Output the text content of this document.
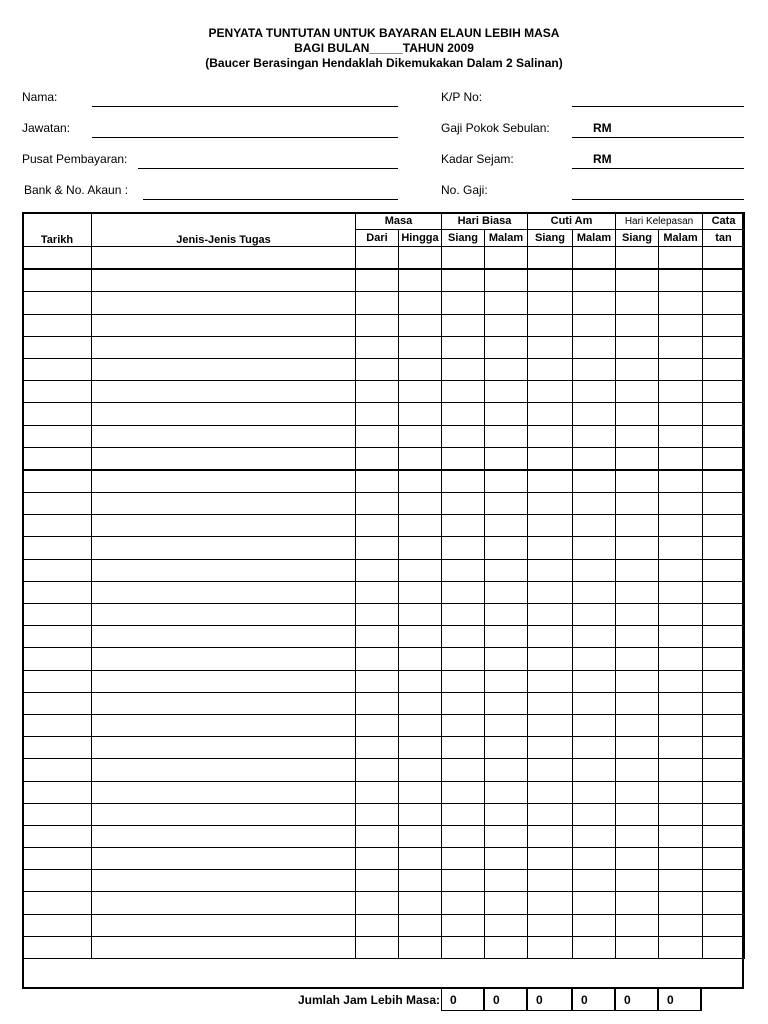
PENYATA TUNTUTAN UNTUK BAYARAN ELAUN LEBIH MASA
BAGI BULAN_____TAHUN 2009
(Baucer Berasingan Hendaklah Dikemukakan Dalam 2 Salinan)
Nama:
Jawatan:
Pusat Pembayaran:
Bank & No. Akaun :
K/P No:
Gaji Pokok Sebulan:	RM
Kadar Sejam:	RM
No. Gaji:
Tarikh	Jenis-Jenis Tugas	Masa		Hari Biasa		Cuti Am		Hari Kelepasan		Cata
		Dari	Hingga	Siang	Malam	Siang	Malam	Siang	Malam	tan

Jumlah Jam Lebih Masa: 0	0	0	0	0	0
